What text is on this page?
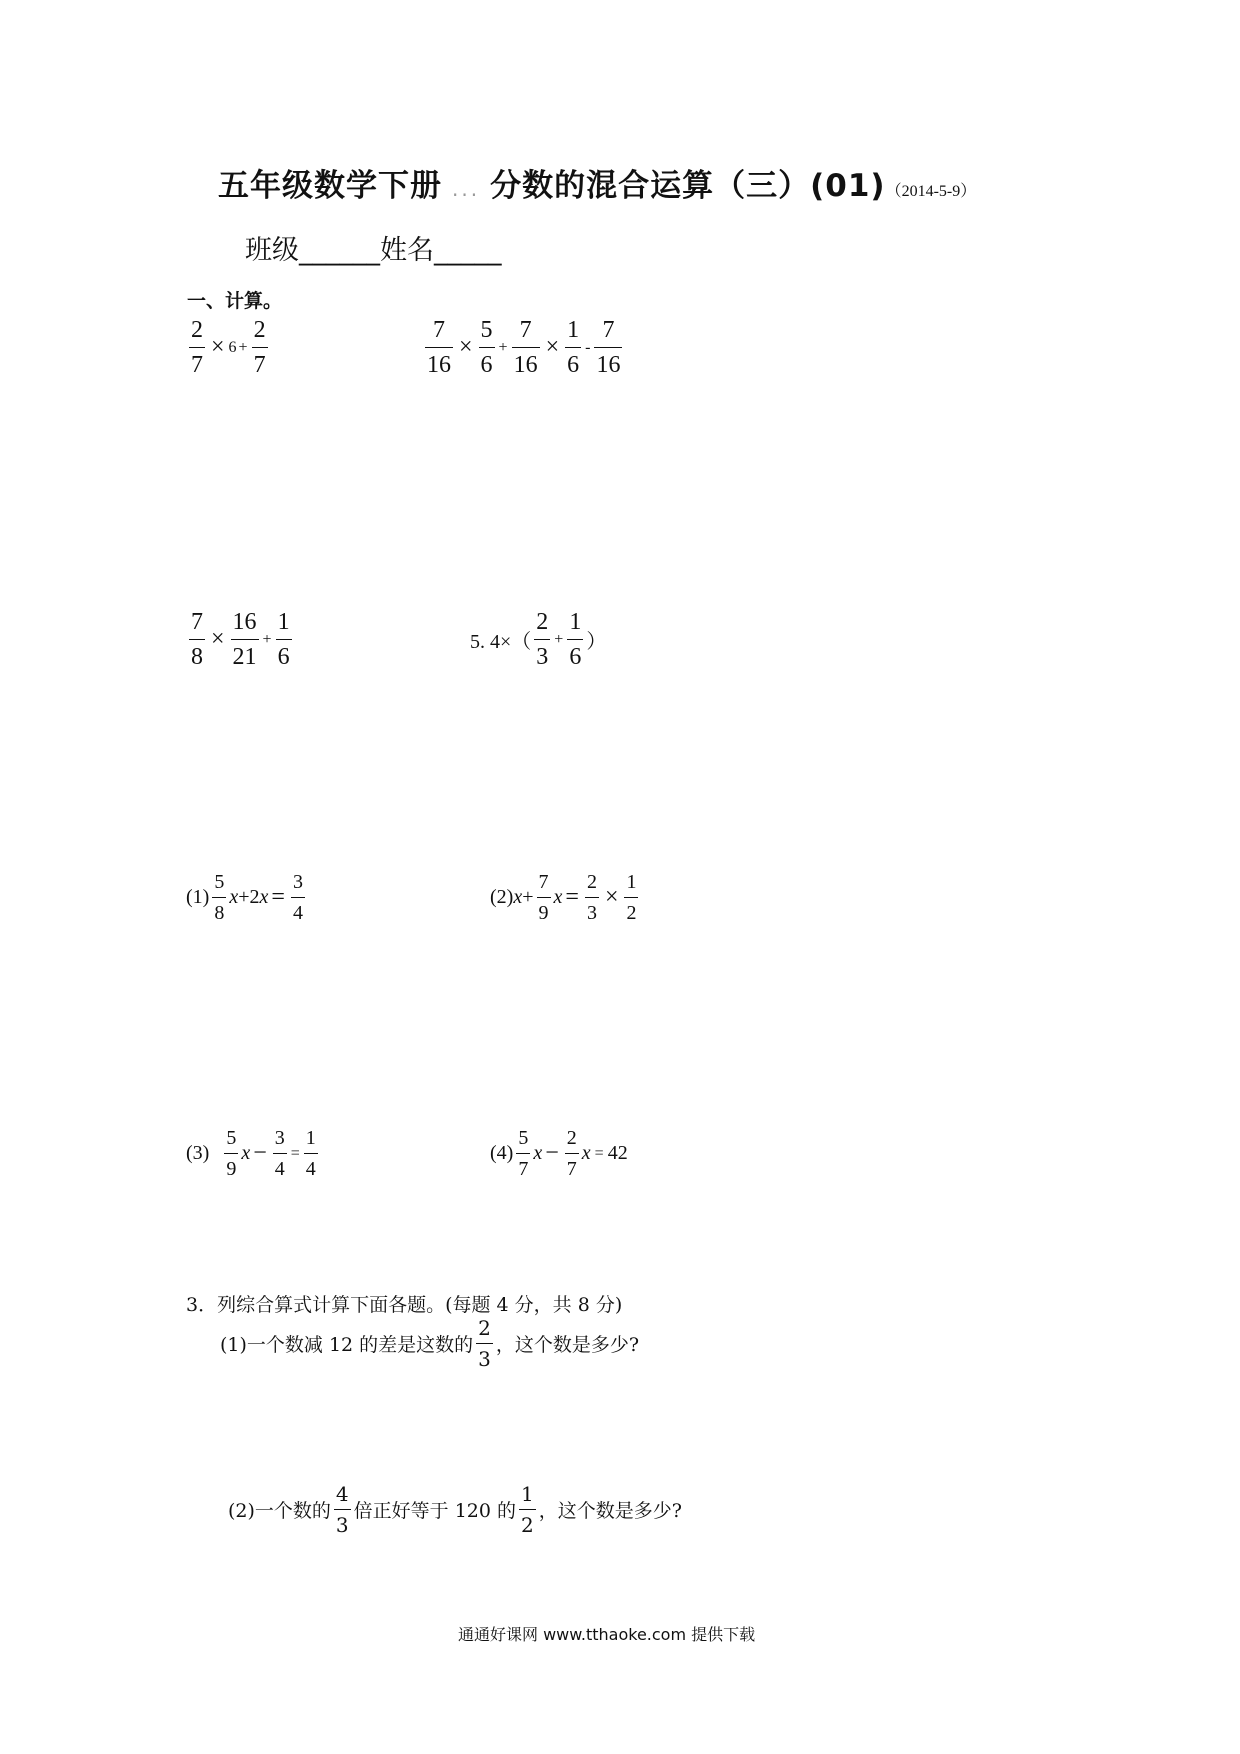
五年级数学下册 ... 分数的混合运算（三）(01)（2014-5-9）
班级______姓名_____
一、计算。
$\frac{2}{7} \times 6 + \frac{2}{7}$	$\frac{7}{16} \times \frac{5}{6} + \frac{7}{16} \times \frac{1}{6} - \frac{7}{16}$
$\frac{7}{8} \times \frac{16}{21} + \frac{1}{6}$	5. $4\times( \frac{2}{3} + \frac{1}{6}$ ）
$(1) \frac{5}{8}$ x +2 $x = \frac{3}{4}$	(2) $x + \frac{7}{9}$ $x = \frac{2}{3} \times \frac{1}{2}$
$(3) \frac{5}{9}$ $x - \frac{3}{4} = \frac{1}{4}$	$(4) \frac{5}{7}$ $x - \frac{2}{7}$ x = 42
3．列综合算式计算下面各题。(每题 4 分，共 8 分)
(1)一个数减 12 的差是这数的 $\frac{2}{3}$ ，这个数是多少?
(2)一个数的 $\frac{4}{3}$ 倍正好等于 120 的 $\frac{1}{2}$ ，这个数是多少?
通通好课网 www.tthaoke.com 提供下载
